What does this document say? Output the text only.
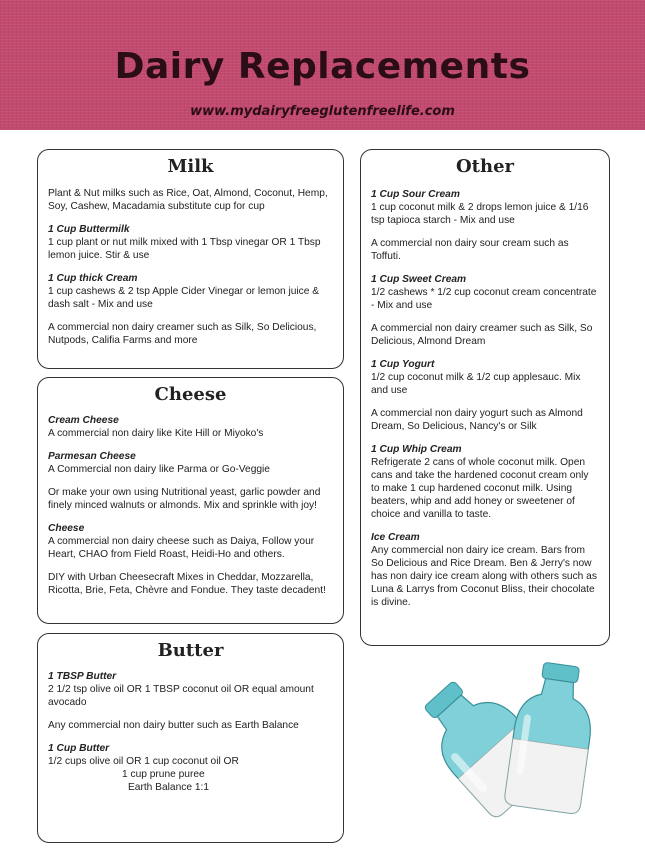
Dairy Replacements
www.mydairyfreeglutenfreelife.com
Milk

Plant & Nut milks such as Rice, Oat, Almond, Coconut, Hemp, Soy, Cashew, Macadamia substitute cup for cup

1 Cup Buttermilk

1 cup plant or nut milk mixed with 1 Tbsp vinegar OR 1 Tbsp lemon juice. Stir & use

1 Cup thick Cream

1 cup cashews & 2 tsp Apple Cider Vinegar or lemon juice & dash salt - Mix and use

A commercial non dairy creamer such as Silk, So Delicious, Nutpods, Califia Farms and more

Cheese

Cream Cheese

A commercial non dairy like Kite Hill or Miyoko's

Parmesan Cheese

A Commercial non dairy like Parma or Go-Veggie

Or make your own using Nutritional yeast, garlic powder and finely minced walnuts or almonds. Mix and sprinkle with joy!

Cheese

A commercial non dairy cheese such as Daiya, Follow your Heart, CHAO from Field Roast, Heidi-Ho and others.

DIY with Urban Cheesecraft Mixes in Cheddar, Mozzarella, Ricotta, Brie, Feta, Chèvre and Fondue. They taste decadent!

Butter

1 TBSP Butter

2 1/2 tsp olive oil OR 1 TBSP coconut oil OR equal amount avocado

Any commercial non dairy butter such as Earth Balance

1 Cup Butter

1/2 cups olive oil OR 1 cup coconut oil OR

1 cup prune puree

Earth Balance 1:1

Other

1 Cup Sour Cream

1 cup coconut milk & 2 drops lemon juice & 1/16 tsp tapioca starch - Mix and use

A commercial non dairy sour cream such as Toffuti.

1 Cup Sweet Cream

1/2 cashews * 1/2 cup coconut cream concentrate - Mix and use

A commercial non dairy creamer such as Silk, So Delicious, Almond Dream

1 Cup Yogurt

1/2 cup coconut milk & 1/2 cup applesauc. Mix and use

A commercial non dairy yogurt such as Almond Dream, So Delicious, Nancy's or Silk

1 Cup Whip Cream

Refrigerate 2 cans of whole coconut milk. Open cans and take the hardened coconut cream only to make 1 cup hardened coconut milk. Using beaters, whip and add honey or sweetener of choice and vanilla to taste.

Ice Cream

Any commercial non dairy ice cream. Bars from So Delicious and Rice Dream. Ben & Jerry's now has non dairy ice cream along with others such as Luna & Larrys from Coconut Bliss, their chocolate is divine.
